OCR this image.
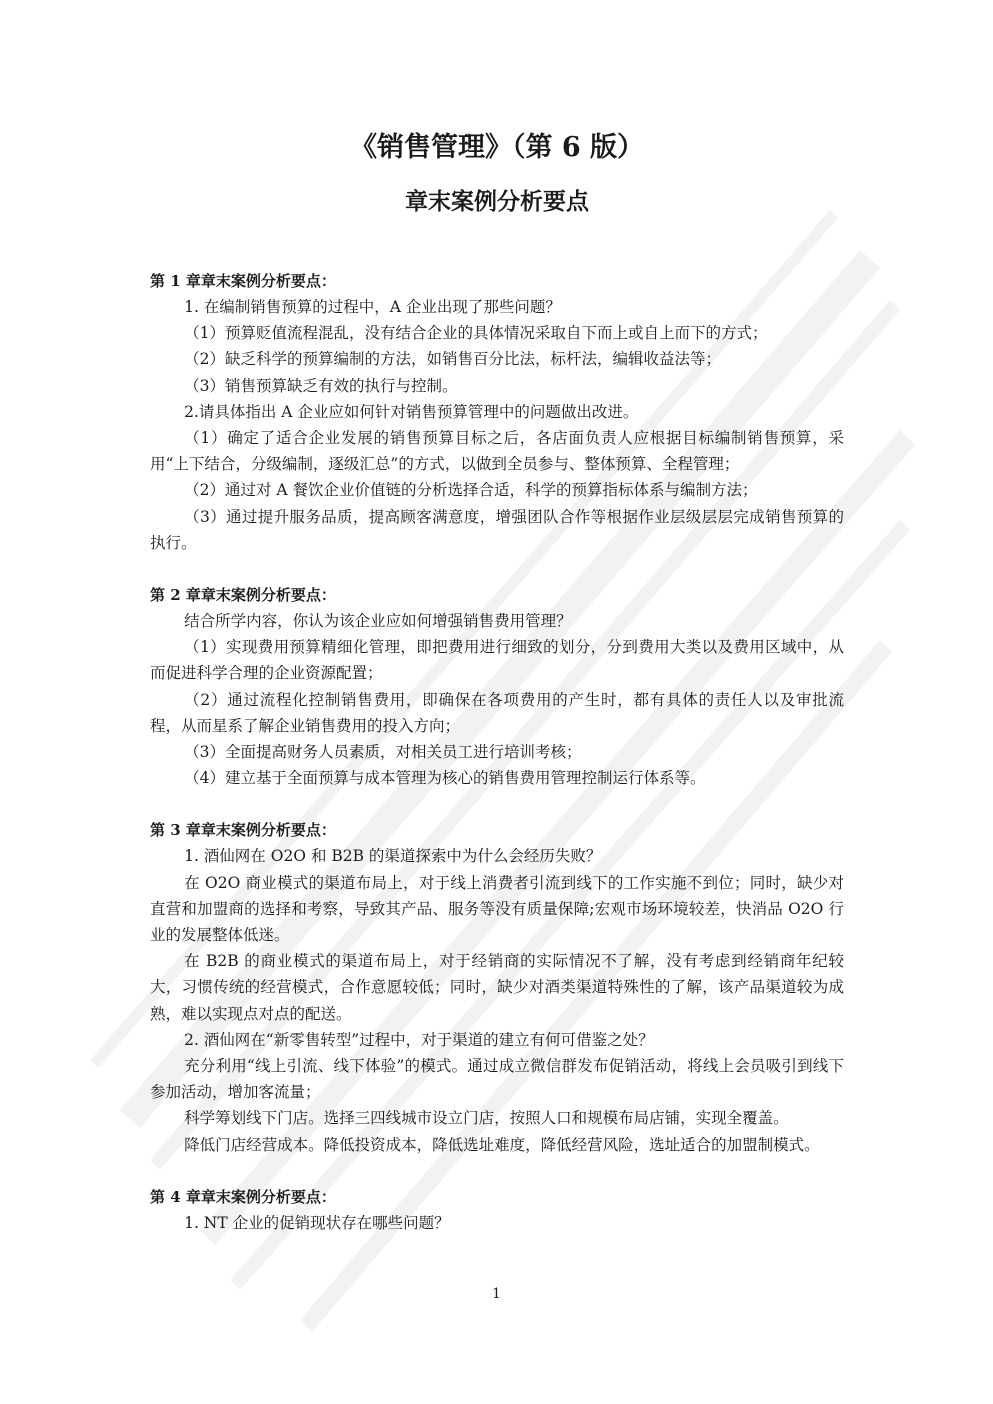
《销售管理》（第 6 版）
章末案例分析要点

第 1 章章末案例分析要点：

1. 在编制销售预算的过程中，A 企业出现了那些问题？

（1）预算贬值流程混乱，没有结合企业的具体情况采取自下而上或自上而下的方式；

（2）缺乏科学的预算编制的方法，如销售百分比法，标杆法，编辑收益法等；

（3）销售预算缺乏有效的执行与控制。

2.请具体指出 A 企业应如何针对销售预算管理中的问题做出改进。

（1）确定了适合企业发展的销售预算目标之后，各店面负责人应根据目标编制销售预算，采用“上下结合，分级编制，逐级汇总”的方式，以做到全员参与、整体预算、全程管理；

（2）通过对 A 餐饮企业价值链的分析选择合适，科学的预算指标体系与编制方法；

（3）通过提升服务品质，提高顾客满意度，增强团队合作等根据作业层级层层完成销售预算的执行。

第 2 章章末案例分析要点：

结合所学内容，你认为该企业应如何增强销售费用管理？

（1）实现费用预算精细化管理，即把费用进行细致的划分，分到费用大类以及费用区域中，从而促进科学合理的企业资源配置；

（2）通过流程化控制销售费用，即确保在各项费用的产生时，都有具体的责任人以及审批流程，从而星系了解企业销售费用的投入方向；

（3）全面提高财务人员素质，对相关员工进行培训考核；

（4）建立基于全面预算与成本管理为核心的销售费用管理控制运行体系等。

第 3 章章末案例分析要点：

1. 酒仙网在 O2O 和 B2B 的渠道探索中为什么会经历失败？

在 O2O 商业模式的渠道布局上，对于线上消费者引流到线下的工作实施不到位；同时，缺少对直营和加盟商的选择和考察，导致其产品、服务等没有质量保障;宏观市场环境较差，快消品 O2O 行业的发展整体低迷。

在 B2B 的商业模式的渠道布局上，对于经销商的实际情况不了解，没有考虑到经销商年纪较大，习惯传统的经营模式，合作意愿较低；同时，缺少对酒类渠道特殊性的了解，该产品渠道较为成熟，难以实现点对点的配送。

2. 酒仙网在“新零售转型”过程中，对于渠道的建立有何可借鉴之处？

充分利用“线上引流、线下体验”的模式。通过成立微信群发布促销活动，将线上会员吸引到线下参加活动，增加客流量；

科学筹划线下门店。选择三四线城市设立门店，按照人口和规模布局店铺，实现全覆盖。

降低门店经营成本。降低投资成本，降低选址难度，降低经营风险，选址适合的加盟制模式。

第 4 章章末案例分析要点：

1. NT 企业的促销现状存在哪些问题？

1
